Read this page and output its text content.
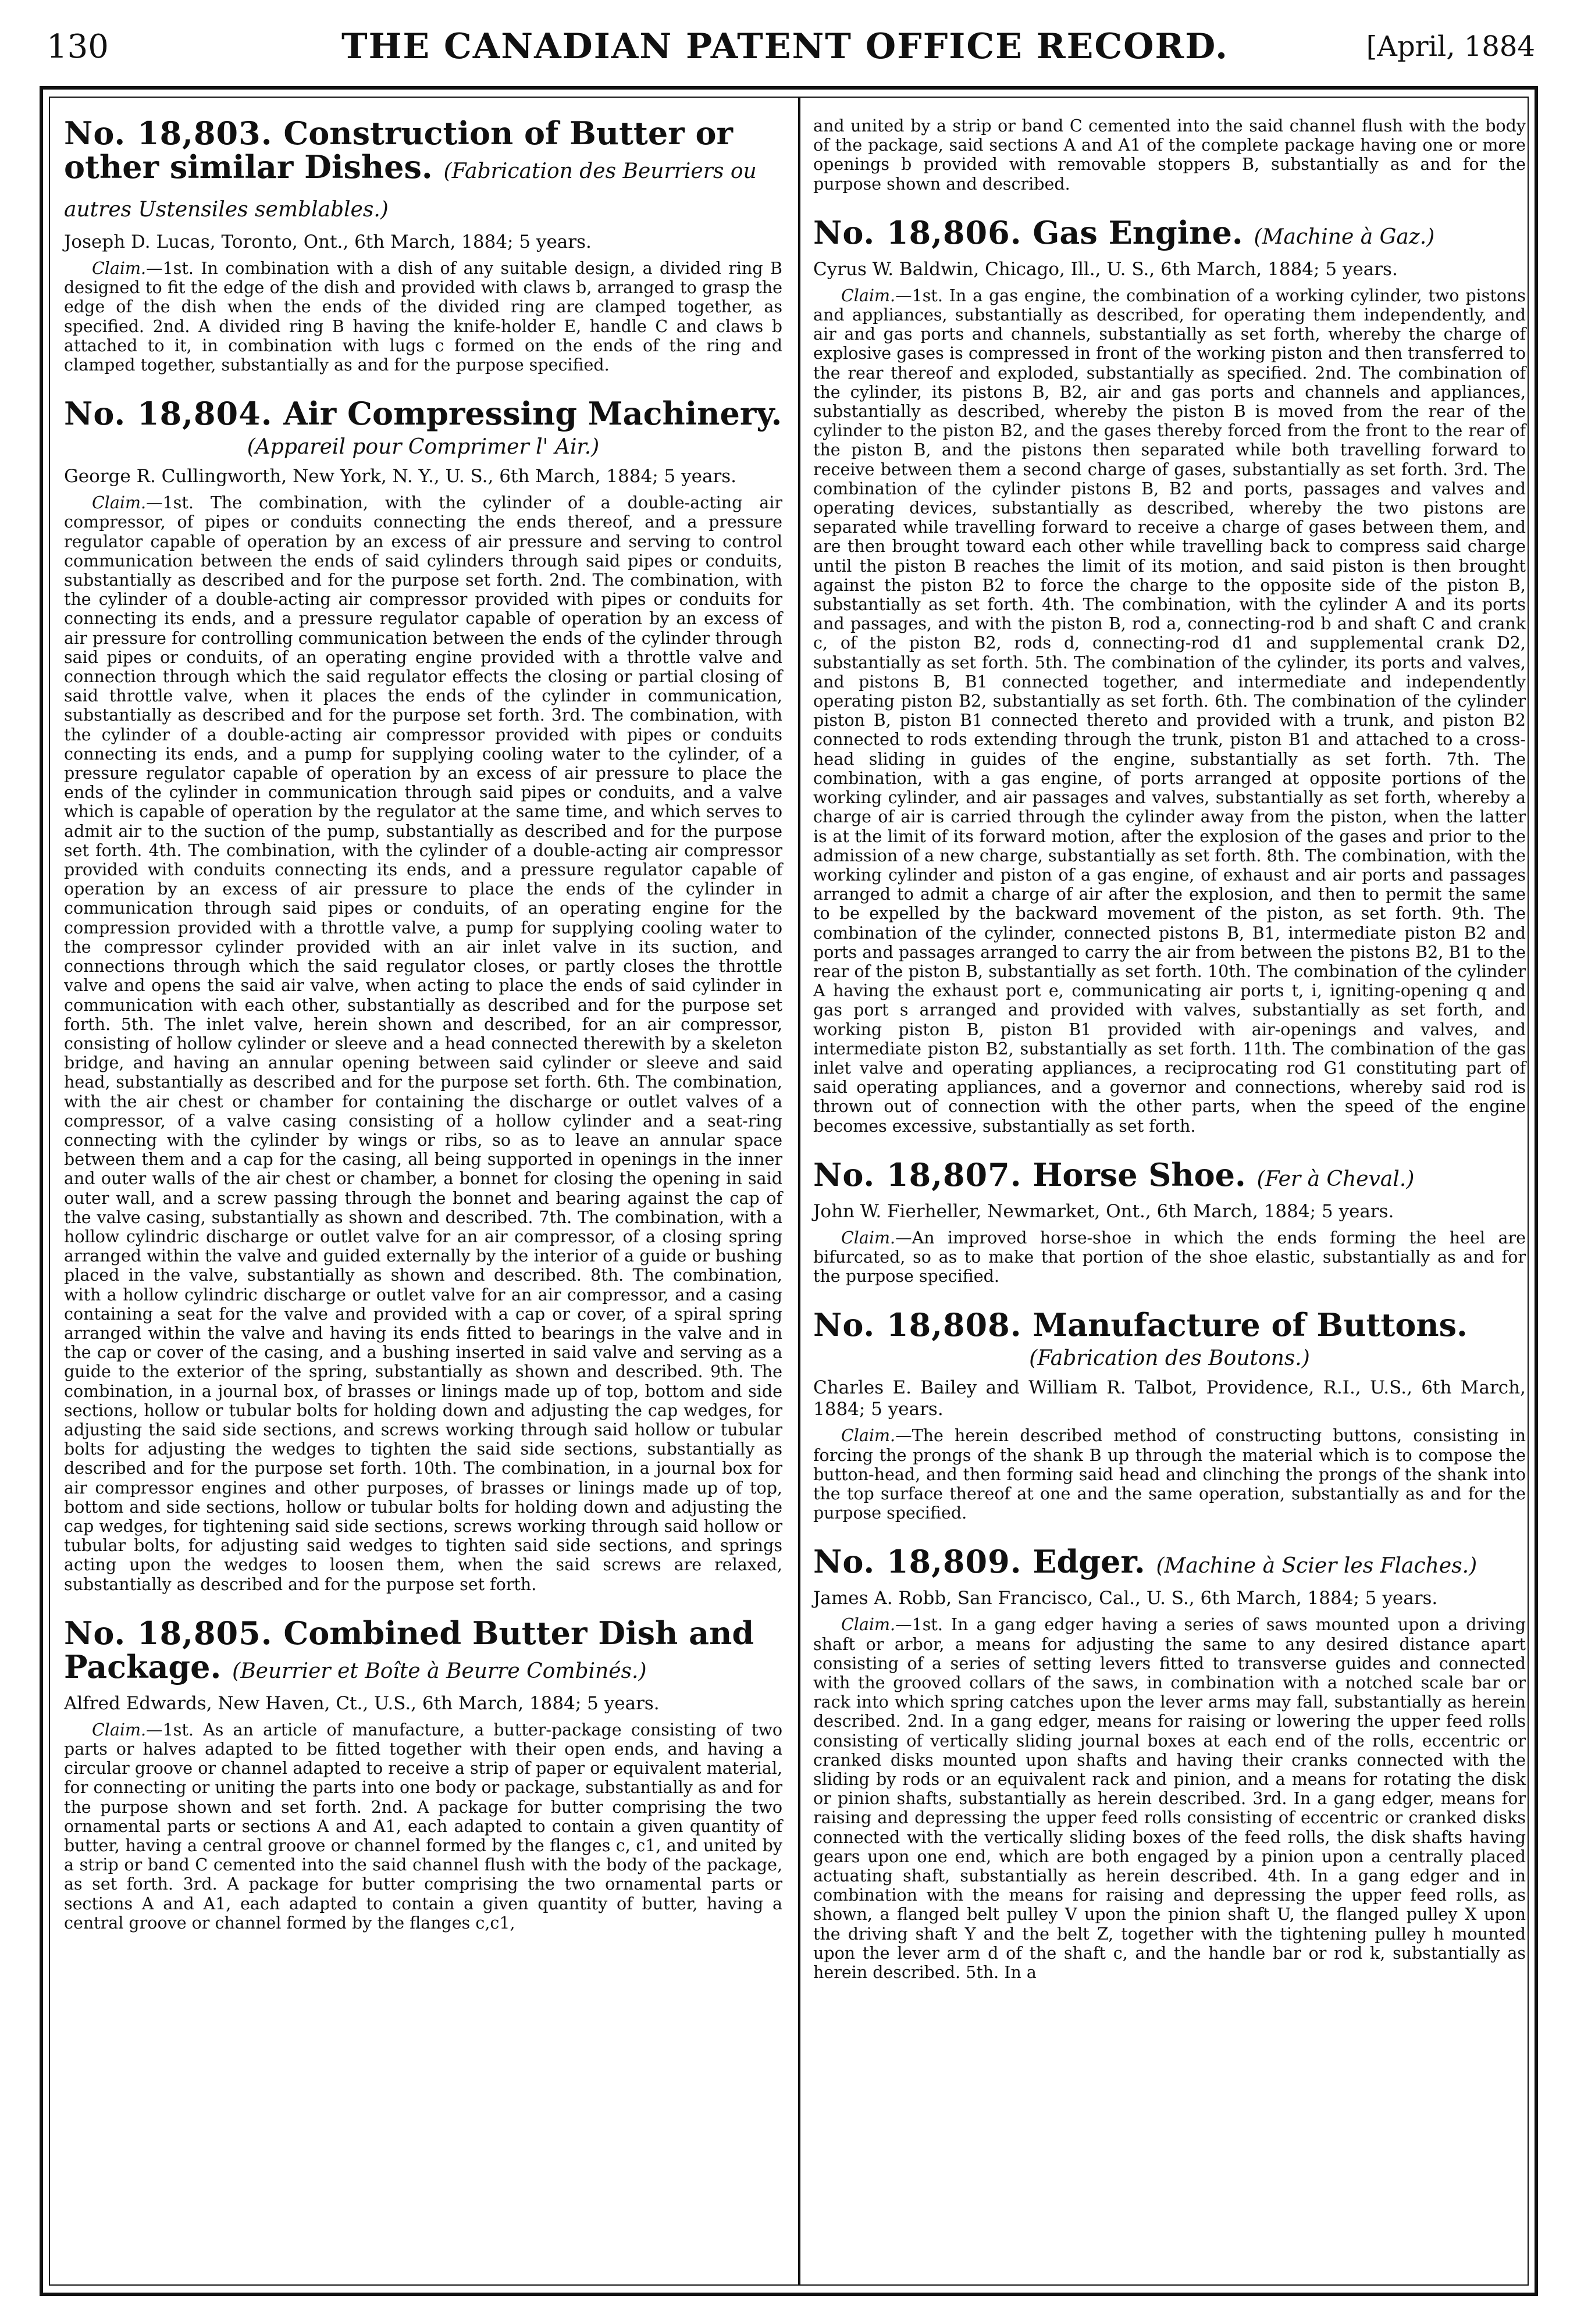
130	THE CANADIAN PATENT OFFICE RECORD.	[April, 1884
No. 18,803. Construction of Butter or other similar Dishes. (Fabrication des Beurriers ou autres Ustensiles semblables.)

Joseph D. Lucas, Toronto, Ont., 6th March, 1884; 5 years.

Claim.—1st. In combination with a dish of any suitable design, a divided ring B designed to fit the edge of the dish and provided with claws b, arranged to grasp the edge of the dish when the ends of the divided ring are clamped together, as specified. 2nd. A divided ring B having the knife-holder E, handle C and claws b attached to it, in combination with lugs c formed on the ends of the ring and clamped together, substantially as and for the purpose specified.

No. 18,804. Air Compressing Machinery.
(Appareil pour Comprimer l' Air.)

George R. Cullingworth, New York, N. Y., U. S., 6th March, 1884; 5 years.

Claim.—1st. The combination, with the cylinder of a double-acting air compressor, of pipes or conduits connecting the ends thereof, and a pressure regulator capable of operation by an excess of air pressure and serving to control communication between the ends of said cylinders through said pipes or conduits, substantially as described and for the purpose set forth. 2nd. The combination, with the cylinder of a double-acting air compressor provided with pipes or conduits for connecting its ends, and a pressure regulator capable of operation by an excess of air pressure for controlling communication between the ends of the cylinder through said pipes or conduits, of an operating engine provided with a throttle valve and connection through which the said regulator effects the closing or partial closing of said throttle valve, when it places the ends of the cylinder in communication, substantially as described and for the purpose set forth. 3rd. The combination, with the cylinder of a double-acting air compressor provided with pipes or conduits connecting its ends, and a pump for supplying cooling water to the cylinder, of a pressure regulator capable of operation by an excess of air pressure to place the ends of the cylinder in communication through said pipes or conduits, and a valve which is capable of operation by the regulator at the same time, and which serves to admit air to the suction of the pump, substantially as described and for the purpose set forth. 4th. The combination, with the cylinder of a double-acting air compressor provided with conduits connecting its ends, and a pressure regulator capable of operation by an excess of air pressure to place the ends of the cylinder in communication through said pipes or conduits, of an operating engine for the compression provided with a throttle valve, a pump for supplying cooling water to the compressor cylinder provided with an air inlet valve in its suction, and connections through which the said regulator closes, or partly closes the throttle valve and opens the said air valve, when acting to place the ends of said cylinder in communication with each other, substantially as described and for the purpose set forth. 5th. The inlet valve, herein shown and described, for an air compressor, consisting of hollow cylinder or sleeve and a head connected therewith by a skeleton bridge, and having an annular opening between said cylinder or sleeve and said head, substantially as described and for the purpose set forth. 6th. The combination, with the air chest or chamber for containing the discharge or outlet valves of a compressor, of a valve casing consisting of a hollow cylinder and a seat-ring connecting with the cylinder by wings or ribs, so as to leave an annular space between them and a cap for the casing, all being supported in openings in the inner and outer walls of the air chest or chamber, a bonnet for closing the opening in said outer wall, and a screw passing through the bonnet and bearing against the cap of the valve casing, substantially as shown and described. 7th. The combination, with a hollow cylindric discharge or outlet valve for an air compressor, of a closing spring arranged within the valve and guided externally by the interior of a guide or bushing placed in the valve, substantially as shown and described. 8th. The combination, with a hollow cylindric discharge or outlet valve for an air compressor, and a casing containing a seat for the valve and provided with a cap or cover, of a spiral spring arranged within the valve and having its ends fitted to bearings in the valve and in the cap or cover of the casing, and a bushing inserted in said valve and serving as a guide to the exterior of the spring, substantially as shown and described. 9th. The combination, in a journal box, of brasses or linings made up of top, bottom and side sections, hollow or tubular bolts for holding down and adjusting the cap wedges, for adjusting the said side sections, and screws working through said hollow or tubular bolts for adjusting the wedges to tighten the said side sections, substantially as described and for the purpose set forth. 10th. The combination, in a journal box for air compressor engines and other purposes, of brasses or linings made up of top, bottom and side sections, hollow or tubular bolts for holding down and adjusting the cap wedges, for tightening said side sections, screws working through said hollow or tubular bolts, for adjusting said wedges to tighten said side sections, and springs acting upon the wedges to loosen them, when the said screws are relaxed, substantially as described and for the purpose set forth.

No. 18,805. Combined Butter Dish and Package. (Beurrier et Boîte à Beurre Combinés.)

Alfred Edwards, New Haven, Ct., U.S., 6th March, 1884; 5 years.

Claim.—1st. As an article of manufacture, a butter-package consisting of two parts or halves adapted to be fitted together with their open ends, and having a circular groove or channel adapted to receive a strip of paper or equivalent material, for connecting or uniting the parts into one body or package, substantially as and for the purpose shown and set forth. 2nd. A package for butter comprising the two ornamental parts or sections A and A1, each adapted to contain a given quantity of butter, having a central groove or channel formed by the flanges c, c1, and united by a strip or band C cemented into the said channel flush with the body of the package, as set forth. 3rd. A package for butter comprising the two ornamental parts or sections A and A1, each adapted to contain a given quantity of butter, having a central groove or channel formed by the flanges c,c1,

and united by a strip or band C cemented into the said channel flush with the body of the package, said sections A and A1 of the complete package having one or more openings b provided with removable stoppers B, substantially as and for the purpose shown and described.

No. 18,806. Gas Engine. (Machine à Gaz.)

Cyrus W. Baldwin, Chicago, Ill., U. S., 6th March, 1884; 5 years.

Claim.—1st. In a gas engine, the combination of a working cylinder, two pistons and appliances, substantially as described, for operating them independently, and air and gas ports and channels, substantially as set forth, whereby the charge of explosive gases is compressed in front of the working piston and then transferred to the rear thereof and exploded, substantially as specified. 2nd. The combination of the cylinder, its pistons B, B2, air and gas ports and channels and appliances, substantially as described, whereby the piston B is moved from the rear of the cylinder to the piston B2, and the gases thereby forced from the front to the rear of the piston B, and the pistons then separated while both travelling forward to receive between them a second charge of gases, substantially as set forth. 3rd. The combination of the cylinder pistons B, B2 and ports, passages and valves and operating devices, substantially as described, whereby the two pistons are separated while travelling forward to receive a charge of gases between them, and are then brought toward each other while travelling back to compress said charge until the piston B reaches the limit of its motion, and said piston is then brought against the piston B2 to force the charge to the opposite side of the piston B, substantially as set forth. 4th. The combination, with the cylinder A and its ports and passages, and with the piston B, rod a, connecting-rod b and shaft C and crank c, of the piston B2, rods d, connecting-rod d1 and supplemental crank D2, substantially as set forth. 5th. The combination of the cylinder, its ports and valves, and pistons B, B1 connected together, and intermediate and independently operating piston B2, substantially as set forth. 6th. The combination of the cylinder piston B, piston B1 connected thereto and provided with a trunk, and piston B2 connected to rods extending through the trunk, piston B1 and attached to a cross-head sliding in guides of the engine, substantially as set forth. 7th. The combination, with a gas engine, of ports arranged at opposite portions of the working cylinder, and air passages and valves, substantially as set forth, whereby a charge of air is carried through the cylinder away from the piston, when the latter is at the limit of its forward motion, after the explosion of the gases and prior to the admission of a new charge, substantially as set forth. 8th. The combination, with the working cylinder and piston of a gas engine, of exhaust and air ports and passages arranged to admit a charge of air after the explosion, and then to permit the same to be expelled by the backward movement of the piston, as set forth. 9th. The combination of the cylinder, connected pistons B, B1, intermediate piston B2 and ports and passages arranged to carry the air from between the pistons B2, B1 to the rear of the piston B, substantially as set forth. 10th. The combination of the cylinder A having the exhaust port e, communicating air ports t, i, igniting-opening q and gas port s arranged and provided with valves, substantially as set forth, and working piston B, piston B1 provided with air-openings and valves, and intermediate piston B2, substantially as set forth. 11th. The combination of the gas inlet valve and operating appliances, a reciprocating rod G1 constituting part of said operating appliances, and a governor and connections, whereby said rod is thrown out of connection with the other parts, when the speed of the engine becomes excessive, substantially as set forth.

No. 18,807. Horse Shoe. (Fer à Cheval.)

John W. Fierheller, Newmarket, Ont., 6th March, 1884; 5 years.

Claim.—An improved horse-shoe in which the ends forming the heel are bifurcated, so as to make that portion of the shoe elastic, substantially as and for the purpose specified.

No. 18,808. Manufacture of Buttons.
(Fabrication des Boutons.)

Charles E. Bailey and William R. Talbot, Providence, R.I., U.S., 6th March, 1884; 5 years.

Claim.—The herein described method of constructing buttons, consisting in forcing the prongs of the shank B up through the material which is to compose the button-head, and then forming said head and clinching the prongs of the shank into the top surface thereof at one and the same operation, substantially as and for the purpose specified.

No. 18,809. Edger. (Machine à Scier les Flaches.)

James A. Robb, San Francisco, Cal., U. S., 6th March, 1884; 5 years.

Claim.—1st. In a gang edger having a series of saws mounted upon a driving shaft or arbor, a means for adjusting the same to any desired distance apart consisting of a series of setting levers fitted to transverse guides and connected with the grooved collars of the saws, in combination with a notched scale bar or rack into which spring catches upon the lever arms may fall, substantially as herein described. 2nd. In a gang edger, means for raising or lowering the upper feed rolls consisting of vertically sliding journal boxes at each end of the rolls, eccentric or cranked disks mounted upon shafts and having their cranks connected with the sliding by rods or an equivalent rack and pinion, and a means for rotating the disk or pinion shafts, substantially as herein described. 3rd. In a gang edger, means for raising and depressing the upper feed rolls consisting of eccentric or cranked disks connected with the vertically sliding boxes of the feed rolls, the disk shafts having gears upon one end, which are both engaged by a pinion upon a centrally placed actuating shaft, substantially as herein described. 4th. In a gang edger and in combination with the means for raising and depressing the upper feed rolls, as shown, a flanged belt pulley V upon the pinion shaft U, the flanged pulley X upon the driving shaft Y and the belt Z, together with the tightening pulley h mounted upon the lever arm d of the shaft c, and the handle bar or rod k, substantially as herein described. 5th. In a
